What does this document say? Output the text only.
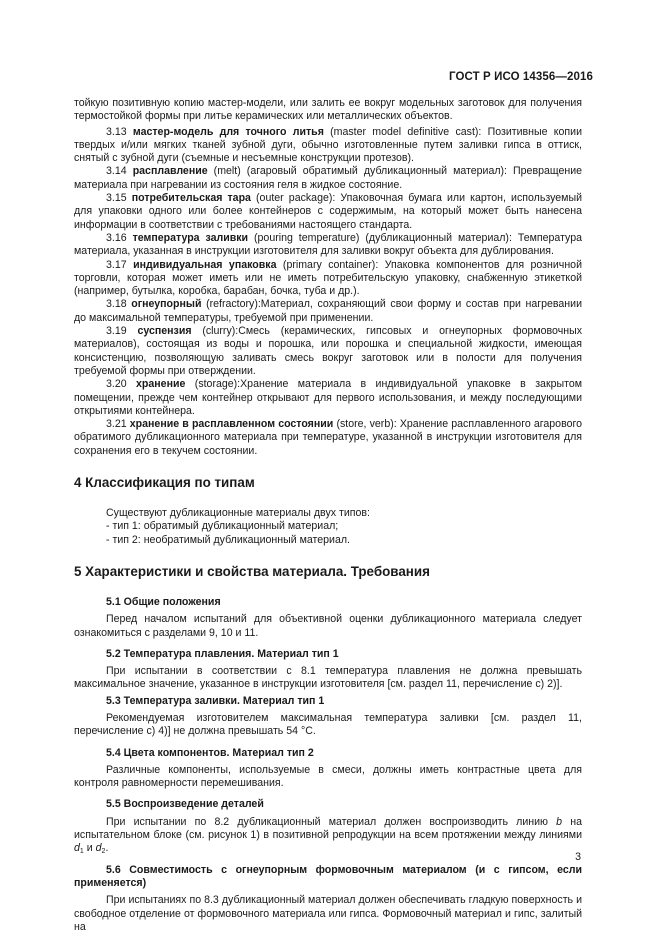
ГОСТ Р ИСО 14356—2016

тойкую позитивную копию мастер-модели, или залить ее вокруг модельных заготовок для получения термостойкой формы при литье керамических или металлических объектов.

3.13 мастер-модель для точного литья (master model definitive cast): Позитивные копии твердых и/или мягких тканей зубной дуги, обычно изготовленные путем заливки гипса в оттиск, снятый с зубной дуги (съемные и несъемные конструкции протезов).

3.14 расплавление (melt) (агаровый обратимый дубликационный материал): Превращение материала при нагревании из состояния геля в жидкое состояние.

3.15 потребительская тара (outer package): Упаковочная бумага или картон, используемый для упаковки одного или более контейнеров с содержимым, на который может быть нанесена информации в соответствии с требованиями настоящего стандарта.

3.16 температура заливки (pouring temperature) (дубликационный материал): Температура материала, указанная в инструкции изготовителя для заливки вокруг объекта для дублирования.

3.17 индивидуальная упаковка (primary container): Упаковка компонентов для розничной торговли, которая может иметь или не иметь потребительскую упаковку, снабженную этикеткой (например, бутылка, коробка, барабан, бочка, туба и др.).

3.18 огнеупорный (refractory):Материал, сохраняющий свои форму и состав при нагревании до максимальной температуры, требуемой при применении.

3.19 суспензия (clurry):Смесь (керамических, гипсовых и огнеупорных формовочных материалов), состоящая из воды и порошка, или порошка и специальной жидкости, имеющая консистенцию, позволяющую заливать смесь вокруг заготовок или в полости для получения требуемой формы при отверждении.

3.20 хранение (storage):Хранение материала в индивидуальной упаковке в закрытом помещении, прежде чем контейнер открывают для первого использования, и между последующими открытиями контейнера.

3.21 хранение в расплавленном состоянии (store, verb): Хранение расплавленного агарового обратимого дубликационного материала при температуре, указанной в инструкции изготовителя для сохранения его в текучем состоянии.

4 Классификация по типам

Существуют дубликационные материалы двух типов:

- тип 1: обратимый дубликационный материал;

- тип 2: необратимый дубликационный материал.

5 Характеристики и свойства материала. Требования
5.1 Общие положения

Перед началом испытаний для объективной оценки дубликационного материала следует ознакомиться с разделами 9, 10 и 11.

5.2 Температура плавления. Материал тип 1

При испытании в соответствии с 8.1 температура плавления не должна превышать максимальное значение, указанное в инструкции изготовителя [см. раздел 11, перечисление с) 2)].

5.3 Температура заливки. Материал тип 1

Рекомендуемая изготовителем максимальная температура заливки [см. раздел 11, перечисление с) 4)] не должна превышать 54 °С.

5.4 Цвета компонентов. Материал тип 2

Различные компоненты, используемые в смеси, должны иметь контрастные цвета для контроля равномерности перемешивания.

5.5 Воспроизведение деталей

При испытании по 8.2 дубликационный материал должен воспроизводить линию b на испытательном блоке (см. рисунок 1) в позитивной репродукции на всем протяжении между линиями $d_1$ и $d_2$.

5.6 Совместимость с огнеупорным формовочным материалом (и с гипсом, если применяется)

При испытаниях по 8.3 дубликационный материал должен обеспечивать гладкую поверхность и свободное отделение от формовочного материала или гипса. Формовочный материал и гипс, залитый на

3
